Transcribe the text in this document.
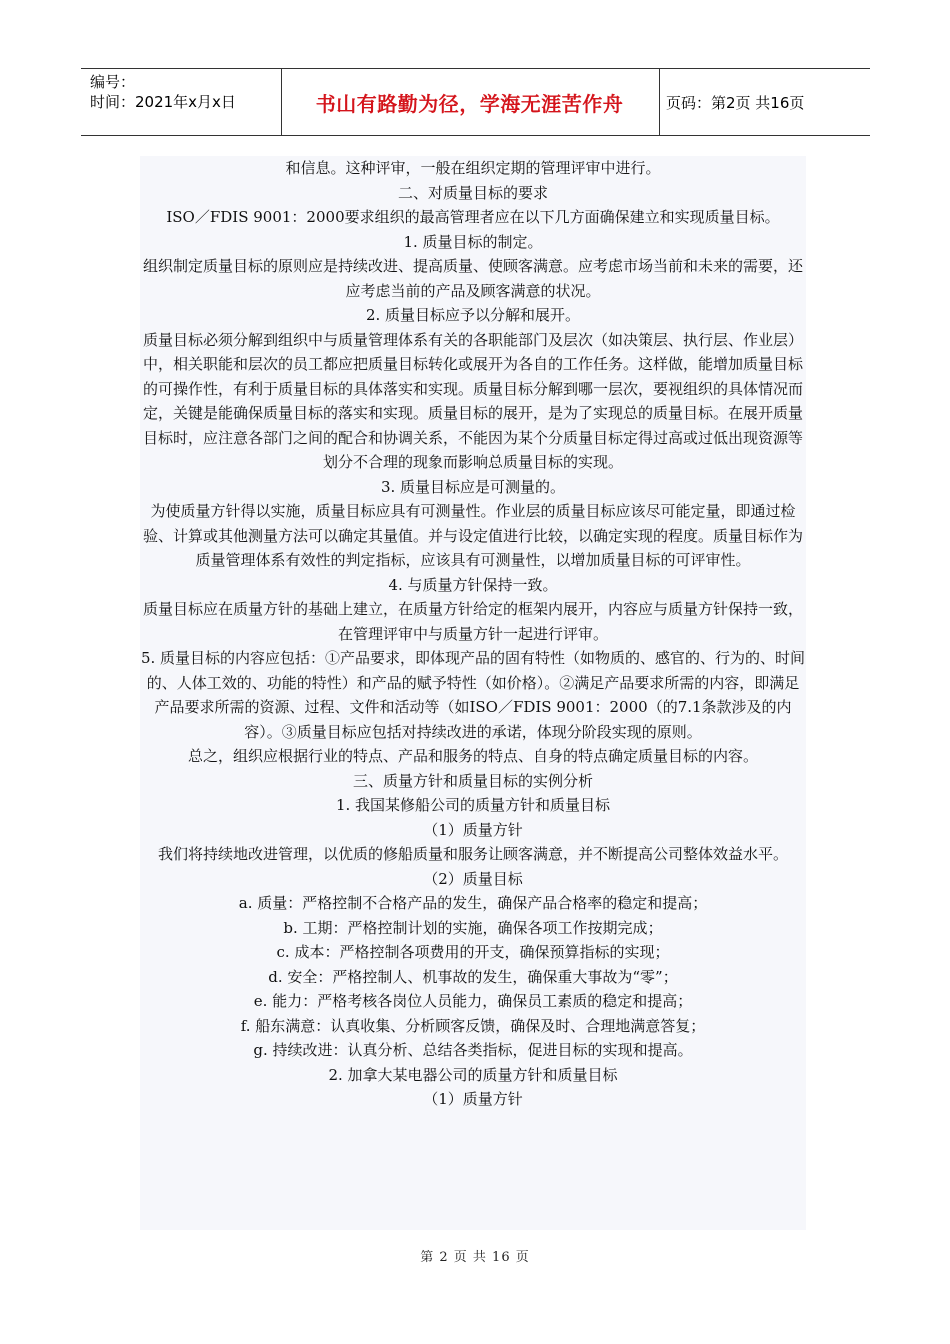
编号：
时间：2021年x月x日	书山有路勤为径，学海无涯苦作舟	页码：第2页 共16页

和信息。这种评审，一般在组织定期的管理评审中进行。

二、对质量目标的要求

ISO／FDIS 9001：2000要求组织的最高管理者应在以下几方面确保建立和实现质量目标。

1. 质量目标的制定。

组织制定质量目标的原则应是持续改进、提高质量、使顾客满意。应考虑市场当前和未来的需要，还应考虑当前的产品及顾客满意的状况。

2. 质量目标应予以分解和展开。

质量目标必须分解到组织中与质量管理体系有关的各职能部门及层次（如决策层、执行层、作业层）中，相关职能和层次的员工都应把质量目标转化或展开为各自的工作任务。这样做，能增加质量目标的可操作性，有利于质量目标的具体落实和实现。质量目标分解到哪一层次，要视组织的具体情况而定，关键是能确保质量目标的落实和实现。质量目标的展开，是为了实现总的质量目标。在展开质量目标时，应注意各部门之间的配合和协调关系，不能因为某个分质量目标定得过高或过低出现资源等划分不合理的现象而影响总质量目标的实现。

3. 质量目标应是可测量的。

为使质量方针得以实施，质量目标应具有可测量性。作业层的质量目标应该尽可能定量，即通过检验、计算或其他测量方法可以确定其量值。并与设定值进行比较，以确定实现的程度。质量目标作为质量管理体系有效性的判定指标，应该具有可测量性，以增加质量目标的可评审性。

4. 与质量方针保持一致。

质量目标应在质量方针的基础上建立，在质量方针给定的框架内展开，内容应与质量方针保持一致，在管理评审中与质量方针一起进行评审。

5. 质量目标的内容应包括：①产品要求，即体现产品的固有特性（如物质的、感官的、行为的、时间的、人体工效的、功能的特性）和产品的赋予特性（如价格）。②满足产品要求所需的内容，即满足产品要求所需的资源、过程、文件和活动等（如ISO／FDIS 9001：2000（的7.1条款涉及的内容）。③质量目标应包括对持续改进的承诺，体现分阶段实现的原则。

总之，组织应根据行业的特点、产品和服务的特点、自身的特点确定质量目标的内容。

三、质量方针和质量目标的实例分析

1. 我国某修船公司的质量方针和质量目标

（1）质量方针

我们将持续地改进管理，以优质的修船质量和服务让顾客满意，并不断提高公司整体效益水平。

（2）质量目标

a. 质量：严格控制不合格产品的发生，确保产品合格率的稳定和提高；

b. 工期：严格控制计划的实施，确保各项工作按期完成；

c. 成本：严格控制各项费用的开支，确保预算指标的实现；

d. 安全：严格控制人、机事故的发生，确保重大事故为“零”；

e. 能力：严格考核各岗位人员能力，确保员工素质的稳定和提高；

f. 船东满意：认真收集、分析顾客反馈，确保及时、合理地满意答复；

g. 持续改进：认真分析、总结各类指标，促进目标的实现和提高。

2. 加拿大某电器公司的质量方针和质量目标

（1）质量方针

第 2 页 共 16 页
